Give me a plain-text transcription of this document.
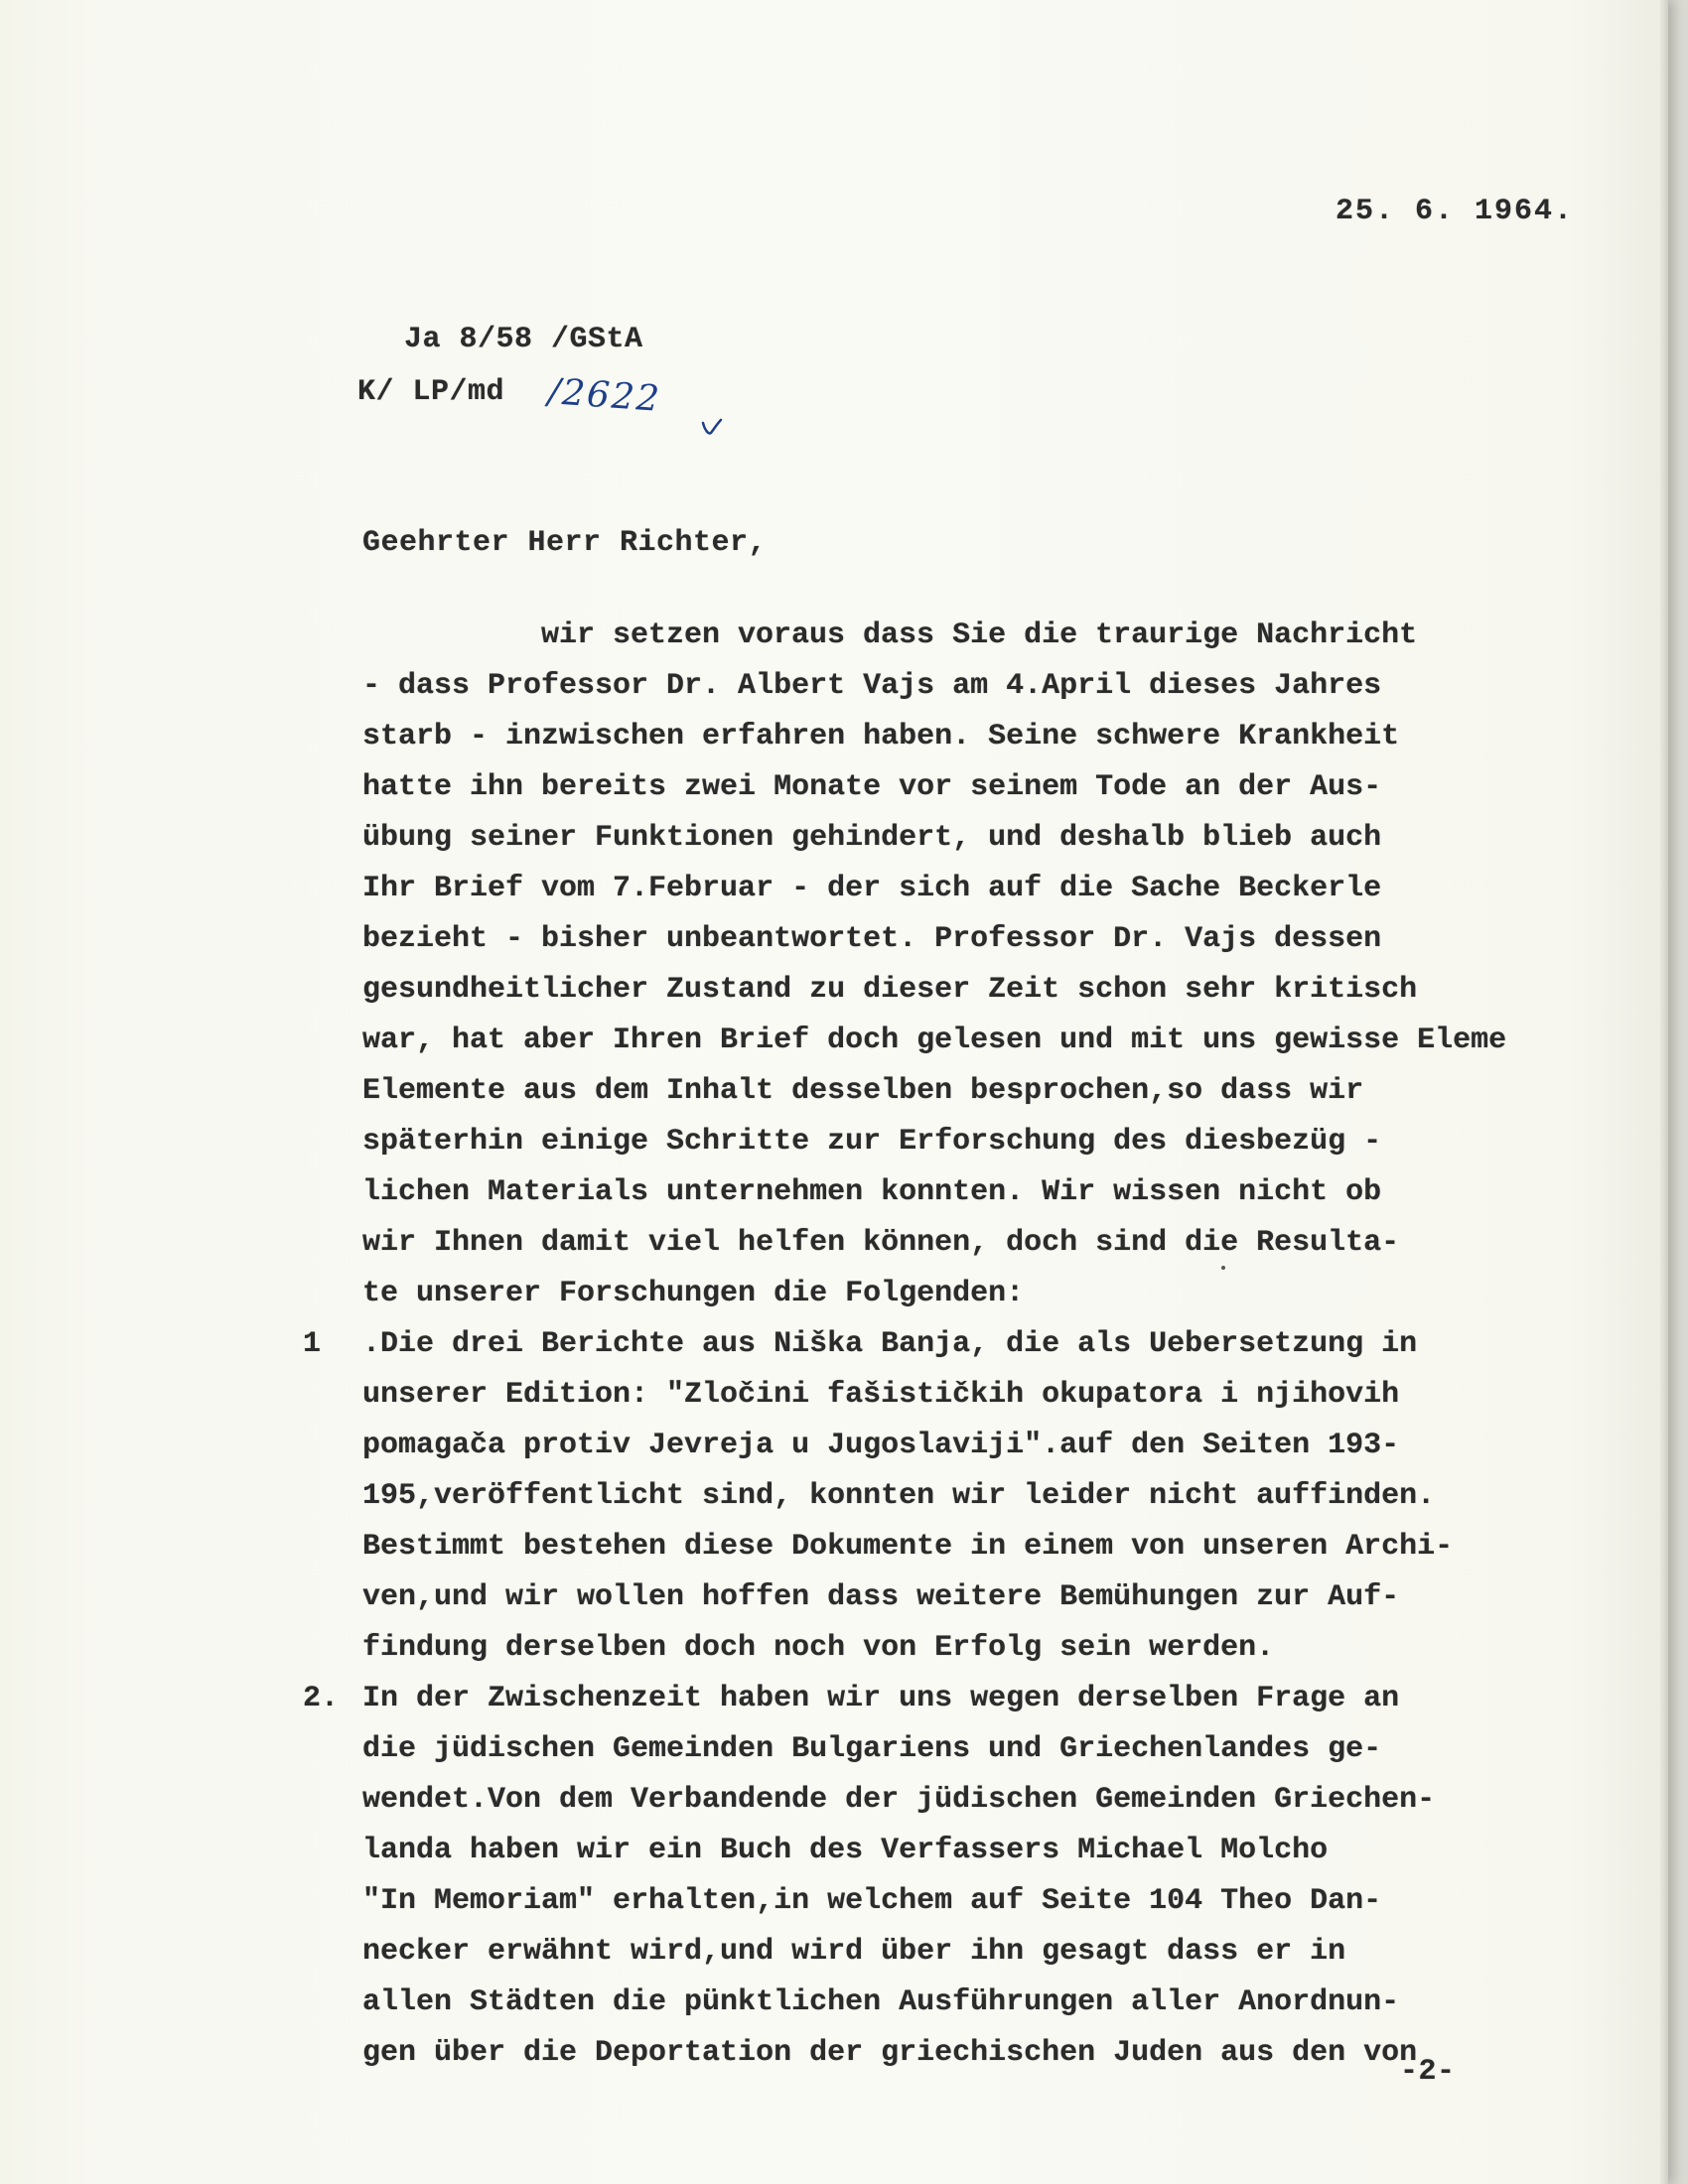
25. 6. 1964.
Ja 8/58 /GStA
K/ LP/md /2622
Geehrter Herr Richter,
wir setzen voraus dass Sie die traurige Nachricht
- dass Professor Dr. Albert Vajs am 4.April dieses Jahres
starb - inzwischen erfahren haben. Seine schwere Krankheit
hatte ihn bereits zwei Monate vor seinem Tode an der Aus-
übung seiner Funktionen gehindert, und deshalb blieb auch
Ihr Brief vom 7.Februar - der sich auf die Sache Beckerle
bezieht - bisher unbeantwortet. Professor Dr. Vajs dessen
gesundheitlicher Zustand zu dieser Zeit schon sehr kritisch
war, hat aber Ihren Brief doch gelesen und mit uns gewisse Eleme
Elemente aus dem Inhalt desselben besprochen,so dass wir
späterhin einige Schritte zur Erforschung des diesbezüg -
lichen Materials unternehmen konnten. Wir wissen nicht ob
wir Ihnen damit viel helfen können, doch sind die Resulta-
te unserer Forschungen die Folgenden:
1 .Die drei Berichte aus Niška Banja, die als Uebersetzung in
unserer Edition: "Zločini fašističkih okupatora i njihovih
pomagača protiv Jevreja u Jugoslaviji".auf den Seiten 193-
195,veröffentlicht sind, konnten wir leider nicht auffinden.
Bestimmt bestehen diese Dokumente in einem von unseren Archi-
ven,und wir wollen hoffen dass weitere Bemühungen zur Auf-
findung derselben doch noch von Erfolg sein werden.
2. In der Zwischenzeit haben wir uns wegen derselben Frage an
die jüdischen Gemeinden Bulgariens und Griechenlandes ge-
wendet.Von dem Verbandende der jüdischen Gemeinden Griechen-
landa haben wir ein Buch des Verfassers Michael Molcho
"In Memoriam" erhalten,in welchem auf Seite 104 Theo Dan-
necker erwähnt wird,und wird über ihn gesagt dass er in
allen Städten die pünktlichen Ausführungen aller Anordnun-
gen über die Deportation der griechischen Juden aus den von
-2-
